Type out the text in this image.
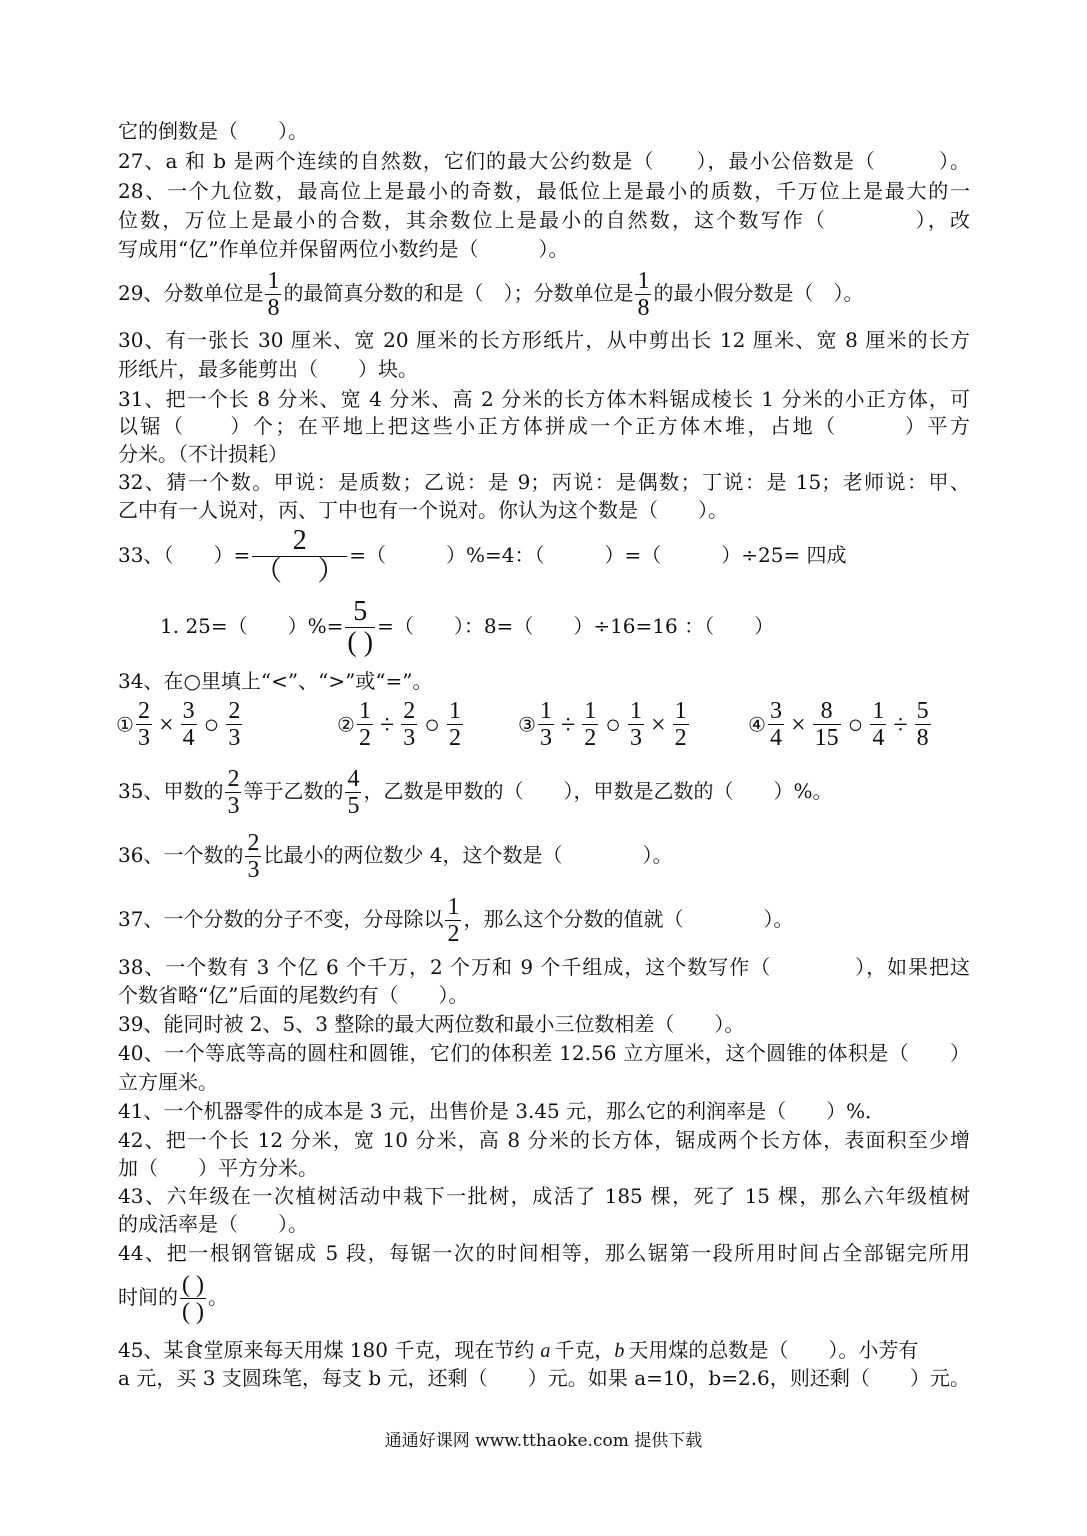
它的倒数是（　　）。
27、a 和 b 是两个连续的自然数，它们的最大公约数是（　　），最小公倍数是（　　　）。
28、一个九位数，最高位上是最小的奇数，最低位上是最小的质数，千万位上是最大的一
位数，万位上是最小的合数，其余数位上是最小的自然数，这个数写作（　　　　），改
写成用“亿”作单位并保留两位小数约是（　　　）。
29、分数单位是 $\frac{1}{8}$ 的最简真分数的和是（　）；分数单位是 $\frac{1}{8}$ 的最小假分数是（　）。
30、有一张长 30 厘米、宽 20 厘米的长方形纸片，从中剪出长 12 厘米、宽 8 厘米的长方
形纸片，最多能剪出（　　）块。
31、把一个长 8 分米、宽 4 分米、高 2 分米的长方体木料锯成棱长 1 分米的小正方体，可
以锯（　　）个；在平地上把这些小正方体拼成一个正方体木堆，占地（　　　）平方
分米。（不计损耗）
32、猜一个数。甲说：是质数；乙说：是 9；丙说：是偶数；丁说：是 15；老师说：甲、
乙中有一人说对，丙、丁中也有一个说对。你认为这个数是（　　）。
33、（　　）= $\frac{2}{( )}$ =（　　　）%=4：（　　　）=（　　　）÷25= 四成
1. 25=（　　）%= $\frac{5}{( )}$ =（　　）：8=（　　）÷16=16 ：（　　）
34、在○里填上“<”、“>”或“=”。
① $\frac{2}{3} \times \frac{3}{4}$ ○ $\frac{2}{3}$	② $\frac{1}{2} \div \frac{2}{3}$ ○ $\frac{1}{2}$	③ $\frac{1}{3} \div \frac{1}{2}$ ○ $\frac{1}{3} \times \frac{1}{2}$	④ $\frac{3}{4} \times \frac{8}{15}$ ○ $\frac{1}{4} \div \frac{5}{8}$
35、甲数的 $\frac{2}{3}$ 等于乙数的 $\frac{4}{5}$ ，乙数是甲数的（　　），甲数是乙数的（　　）%。
36、一个数的 $\frac{2}{3}$ 比最小的两位数少 4，这个数是（　　　　）。
37、一个分数的分子不变，分母除以 $\frac{1}{2}$ ，那么这个分数的值就（　　　　）。
38、一个数有 3 个亿 6 个千万，2 个万和 9 个千组成，这个数写作（　　　　），如果把这
个数省略“亿”后面的尾数约有（　　）。
39、能同时被 2、5、3 整除的最大两位数和最小三位数相差（　　）。
40、一个等底等高的圆柱和圆锥，它们的体积差 12.56 立方厘米，这个圆锥的体积是（　　）
立方厘米。
41、一个机器零件的成本是 3 元，出售价是 3.45 元，那么它的利润率是（　　）%．
42、把一个长 12 分米，宽 10 分米，高 8 分米的长方体，锯成两个长方体，表面积至少增
加（　　）平方分米。
43、六年级在一次植树活动中栽下一批树，成活了 185 棵，死了 15 棵，那么六年级植树
的成活率是（　　）。
44、把一根钢管锯成 5 段，每锯一次的时间相等，那么锯第一段所用时间占全部锯完所用
时间的 $\frac{( )}{( )}$ 。
45、某食堂原来每天用煤 180 千克，现在节约 a 千克，b 天用煤的总数是（　　）。小芳有
a 元，买 3 支圆珠笔，每支 b 元，还剩（　　）元。如果 a=10，b=2.6，则还剩（　　）元。
通通好课网 www.tthaoke.com 提供下载
